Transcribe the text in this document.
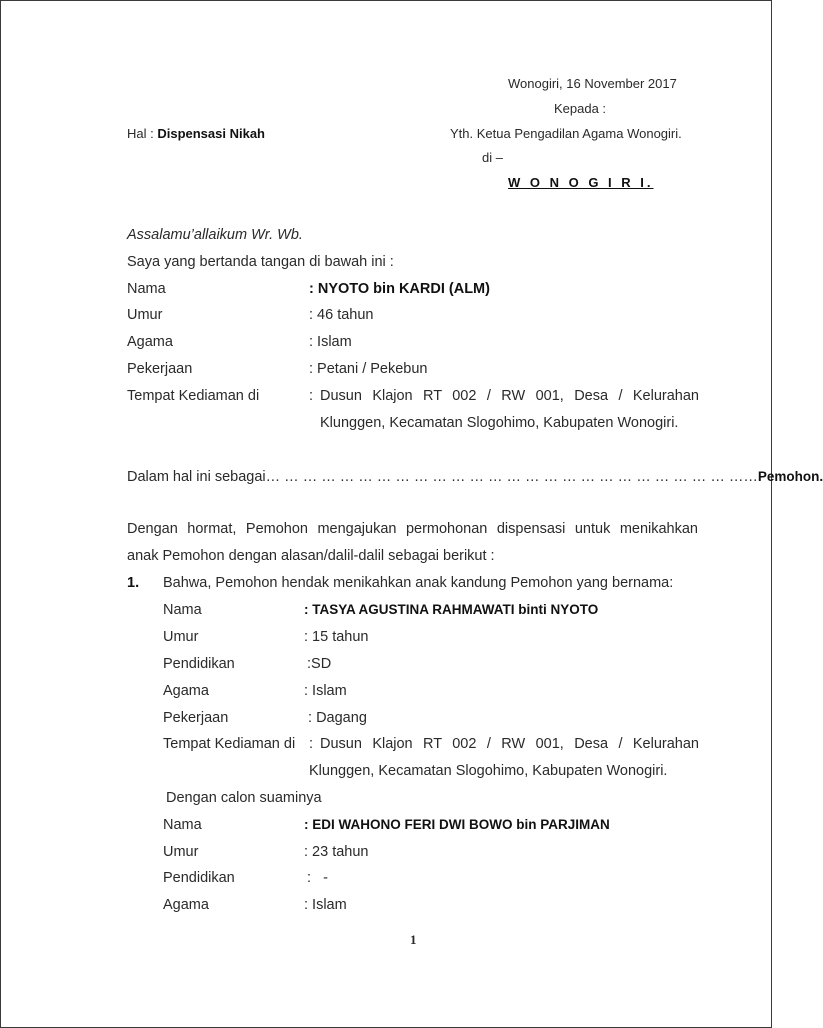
Wonogiri, 16 November 2017
Kepada :
Hal : Dispensasi Nikah	Yth. Ketua Pengadilan Agama Wonogiri.
di –
W O N O G I R I.
Assalamu’allaikum Wr. Wb.
Saya yang bertanda tangan di bawah ini :
Nama	: NYOTO bin KARDI (ALM)
Umur	: 46 tahun
Agama	: Islam
Pekerjaan	: Petani / Pekebun
Tempat Kediaman di	: Dusun Klajon RT 002 / RW 001, Desa / Kelurahan
Klunggen, Kecamatan Slogohimo, Kabupaten Wonogiri.
Dalam hal ini sebagai… … … … … … … … … … … … … … … … … … … … … … … … … ……Pemohon.
Dengan hormat, Pemohon mengajukan permohonan dispensasi untuk menikahkan
anak Pemohon dengan alasan/dalil-dalil sebagai berikut :
1. Bahwa, Pemohon hendak menikahkan anak kandung Pemohon yang bernama:
Nama	: TASYA AGUSTINA RAHMAWATI binti NYOTO
Umur	: 15 tahun
Pendidikan	:SD
Agama	: Islam
Pekerjaan	: Dagang
Tempat Kediaman di : Dusun Klajon RT 002 / RW 001, Desa / Kelurahan
Klunggen, Kecamatan Slogohimo, Kabupaten Wonogiri.
Dengan calon suaminya
Nama	: EDI WAHONO FERI DWI BOWO bin PARJIMAN
Umur	: 23 tahun
Pendidikan	:   -
Agama	: Islam
1
